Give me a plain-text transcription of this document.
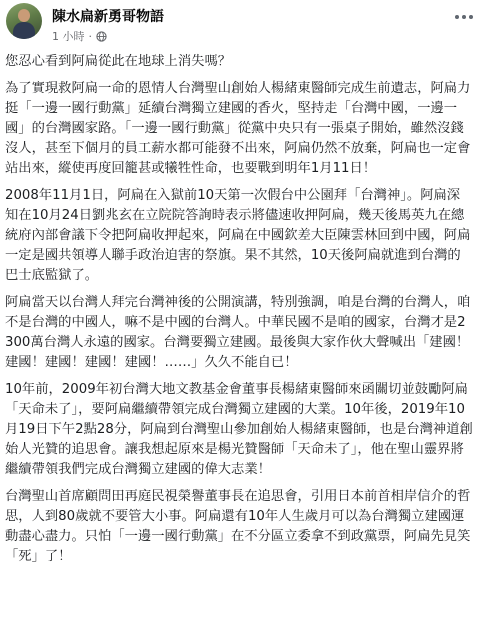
陳水扁新勇哥物語
1 小時 ·

您忍心看到阿扁從此在地球上消失嗎？

為了實現救阿扁一命的恩情人台灣聖山創始人楊緒東醫師完成生前遺志，阿扁力挺「一邊一國行動黨」延續台灣獨立建國的香火，堅持走「台灣中國，一邊一國」的台灣國家路。「一邊一國行動黨」從黨中央只有一張桌子開始，雖然沒錢沒人，甚至下個月的員工薪水都可能發不出來，阿扁仍然不放棄，阿扁也一定會站出來，縱使再度回籠甚或犧牲性命，也要戰到明年1月11日！

2008年11月1日，阿扁在入獄前10天第一次假台中公園拜「台灣神」。阿扁深知在10月24日劉兆玄在立院院答詢時表示將儘速收押阿扁，幾天後馬英九在總統府內部會議下令把阿扁收押起來，阿扁在中國欽差大臣陳雲林回到中國，阿扁一定是國共領導人聯手政治迫害的祭旗。果不其然，10天後阿扁就進到台灣的巴士底監獄了。

阿扁當天以台灣人拜完台灣神後的公開演講，特別強調，咱是台灣的台灣人，咱不是台灣的中國人，嘛不是中國的台灣人。中華民國不是咱的國家，台灣才是2300萬台灣人永遠的國家。台灣要獨立建國。最後與大家作伙大聲喊出「建國！建國！建國！建國！建國！……」久久不能自已！

10年前，2009年初台灣大地文教基金會董事長楊緒東醫師來函關切並鼓勵阿扁「天命未了」，要阿扁繼續帶領完成台灣獨立建國的大業。10年後，2019年10月19日下午2點28分，阿扁到台灣聖山參加創始人楊緒東醫師，也是台灣神道創始人光贊的追思會。讓我想起原來是楊光贊醫師「天命未了」，他在聖山靈界將繼續帶領我們完成台灣獨立建國的偉大志業！

台灣聖山首席顧問田再庭民視榮譽董事長在追思會，引用日本前首相岸信介的哲思，人到80歲就不要管大小事。阿扁還有10年人生歲月可以為台灣獨立建國運動盡心盡力。只怕「一邊一國行動黨」在不分區立委拿不到政黨票，阿扁先見笑「死」了！
